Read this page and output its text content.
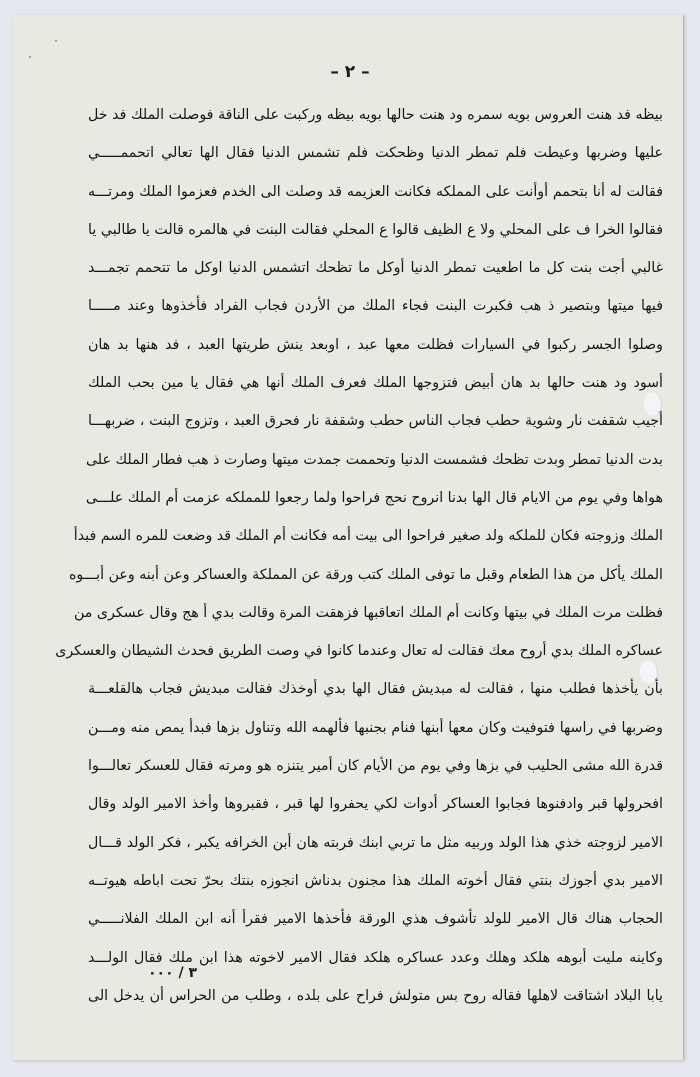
– ٢ –
بيظه فد هنت العروس بويه سمره ود هنت حالها بويه بيظه وركبت على الناقة فوصلت الملك فد خل
عليها وضربها وعيطت فلم تمطر الدنيا وظحكت فلم تشمس الدنيا فقال الها تعالي اتحممـــــي
فقالت له أنا بتحمم أوأنت على المملكه فكانت العزيمه قد وصلت الى الخدم فعزموا الملك ومرتـــه
فقالوا الخرا ف على المحلي ولا ع الظيف قالوا ع المحلي فقالت البنت في هالمره قالت يا طالبي يا
غالبي أجت بنت كل ما اطعيت تمطر الدنيا أوكل ما تظحك اتشمس الدنيا اوكل ما تتحمم تجمـــد
فيها ميتها وبتصير ذ هب فكبرت البنت فجاء الملك من الأردن فجاب الفراد فأخذوها وعند مـــــا
وصلوا الجسر ركبوا في السيارات فظلت معها عبد ، اوبعد ينش طريتها العبد ، فد هنها بد هان
أسود ود هنت حالها بد هان أبيض فتزوجها الملك فعرف الملك أنها هي فقال يا مين بحب الملك
أجيب شقفت نار وشوية حطب فجاب الناس حطب وشقفة نار فحرق العبد ، وتزوج البنت ، ضربهـــا
بدت الدنيا تمطر وبدت تظحك فشمست الدنيا وتحممت جمدت ميتها وصارت ذ هب فطار الملك على
هواها وفي يوم من الايام قال الها بدنا انروح نحج فراحوا ولما رجعوا للمملكه عزمت أم الملك علـــى
الملك وزوجته فكان للملكه ولد صغير فراحوا الى بيت أمه فكانت أم الملك قد وضعت للمره السم فبدأ
الملك يأكل من هذا الطعام وقبل ما توفى الملك كتب ورقة عن المملكة والعساكر وعن أبنه وعن أبـــوه
فظلت مرت الملك في بيتها وكانت أم الملك اتعاقبها فزهقت المرة وقالت بدي أ هج وقال عسكرى من
عساكره الملك بدي أروح معك فقالت له تعال وعندما كانوا في وصت الطريق فحدث الشيطان والعسكرى
بأن يأخذها فطلب منها ، فقالت له مبديش فقال الها بدي أوخذك فقالت مبديش فجاب هالقلعـــة
وضربها في راسها فتوفيت وكان معها أبنها فنام بجنبها فألهمه الله وتناول بزها فبدأ يمص منه ومـــن
قدرة الله مشى الحليب في بزها وفي يوم من الأيام كان أمير يتنزه هو ومرته فقال للعسكر تعالـــوا
افحرولها قبر وادفنوها فجابوا العساكر أدوات لكي يحفروا لها قبر ، فقبروها وأخذ الامير الولد وقال
الامير لزوجته خذي هذا الولد وربيه مثل ما تربي ابنك فربته هان أبن الخرافه يكبر ، فكر الولد قـــال
الامير بدي أجوزك بنتي فقال أخوته الملك هذا مجنون بدناش انجوزه بنتك بحرّ تحت اباطه هيوتــه
الحجاب هناك قال الامير للولد تأشوف هذي الورقة فأخذها الامير فقرأ أنه ابن الملك الفلانـــــي
وكاينه مليت أبوهه هلكد وهلك وعدد عساكره هلكد فقال الامير لاخوته هذا ابن ملك فقال الولـــد
يابا البلاد اشتاقت لاهلها فقاله روح بس متولش فراح على بلده ، وطلب من الحراس أن يدخل الى
٣ / ٠٠٠
